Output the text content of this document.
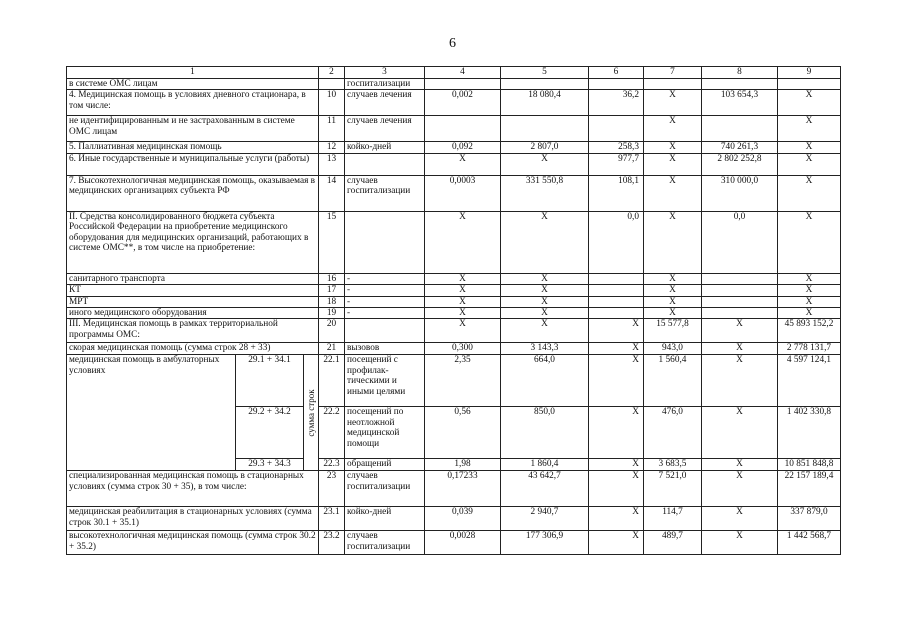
6
1			2	3	4	5	6	7	8	9	
в системе ОМС лицам				госпитализации							
4. Медицинская помощь в условиях дневного стационара, в том числе:			10	случаев лечения	0,002	18 080,4	36,2	X	103 654,3	X	
не идентифицированным и не застрахованным в системе ОМС лицам			11	случаев лечения				X		X	
5. Паллиативная медицинская помощь			12	койко-дней	0,092	2 807,0	258,3	X	740 261,3	X	
6. Иные государственные и муниципальные услуги (работы)			13		X	X	977,7	X	2 802 252,8	X	
7. Высокотехнологичная медицинская помощь, оказываемая в медицинских организациях субъекта РФ			14	случаев госпитализации	0,0003	331 550,8	108,1	X	310 000,0	X	
II. Средства консолидированного бюджета субъекта Российской Федерации на приобретение медицинского оборудования для медицинских организаций, работающих в системе ОМС**, в том числе на приобретение:			15		X	X	0,0	X	0,0	X	
санитарного транспорта			16	-	X	X		X		X	
КТ			17	-	X	X		X		X	
МРТ			18	-	X	X		X		X	
иного медицинского оборудования			19	-	X	X		X		X	
III. Медицинская помощь в рамках территориальной программы ОМС:			20		X	X	X	15 577,8	X	45 893 152,2	
скорая медицинская помощь (сумма строк 28 + 33)			21	вызовов	0,300	3 143,3	X	943,0	X	2 778 131,7	
медицинская помощь в амбулаторных условиях	29.1 + 34.1	сумма строк	22.1	посещений с профилак-тическими и иными целями	2,35	664,0	X	1 560,4	X	4 597 124,1	
	29.2 + 34.2		22.2	посещений по неотложной медицинской помощи	0,56	850,0	X	476,0	X	1 402 330,8	
	29.3 + 34.3		22.3	обращений	1,98	1 860,4	X	3 683,5	X	10 851 848,8	
специализированная медицинская помощь в стационарных условиях (сумма строк 30 + 35), в том числе:			23	случаев госпитализации	0,17233	43 642,7	X	7 521,0	X	22 157 189,4	
медицинская реабилитация в стационарных условиях (сумма строк 30.1 + 35.1)			23.1	койко-дней	0,039	2 940,7	X	114,7	X	337 879,0	
высокотехнологичная медицинская помощь (сумма строк 30.2 + 35.2)			23.2	случаев госпитализации	0,0028	177 306,9	X	489,7	X	1 442 568,7	
